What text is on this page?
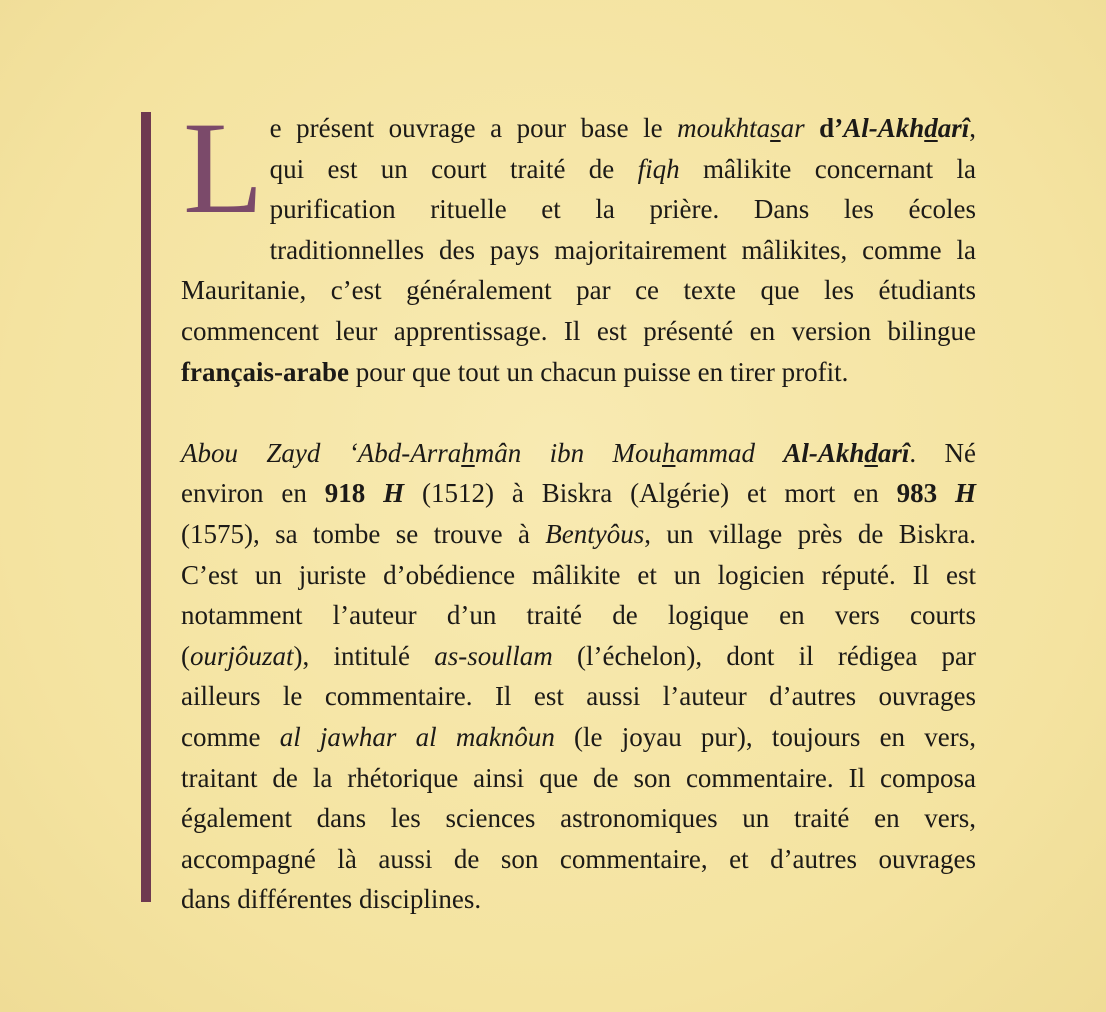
L e présent ouvrage a pour base le moukhtasar d’Al-Akhdarî,
qui est un court traité de fiqh mâlikite concernant la
purification rituelle et la prière. Dans les écoles
traditionnelles des pays majoritairement mâlikites, comme la
Mauritanie, c’est généralement par ce texte que les étudiants
commencent leur apprentissage. Il est présenté en version bilingue
français-arabe pour que tout un chacun puisse en tirer profit.
Abou Zayd ‘Abd-Arrahmân ibn Mouhammad Al-Akhdarî. Né
environ en 918 H (1512) à Biskra (Algérie) et mort en 983 H
(1575), sa tombe se trouve à Bentyôus, un village près de Biskra.
C’est un juriste d’obédience mâlikite et un logicien réputé. Il est
notamment l’auteur d’un traité de logique en vers courts
(ourjôuzat), intitulé as-soullam (l’échelon), dont il rédigea par
ailleurs le commentaire. Il est aussi l’auteur d’autres ouvrages
comme al jawhar al maknôun (le joyau pur), toujours en vers,
traitant de la rhétorique ainsi que de son commentaire. Il composa
également dans les sciences astronomiques un traité en vers,
accompagné là aussi de son commentaire, et d’autres ouvrages
dans différentes disciplines.
